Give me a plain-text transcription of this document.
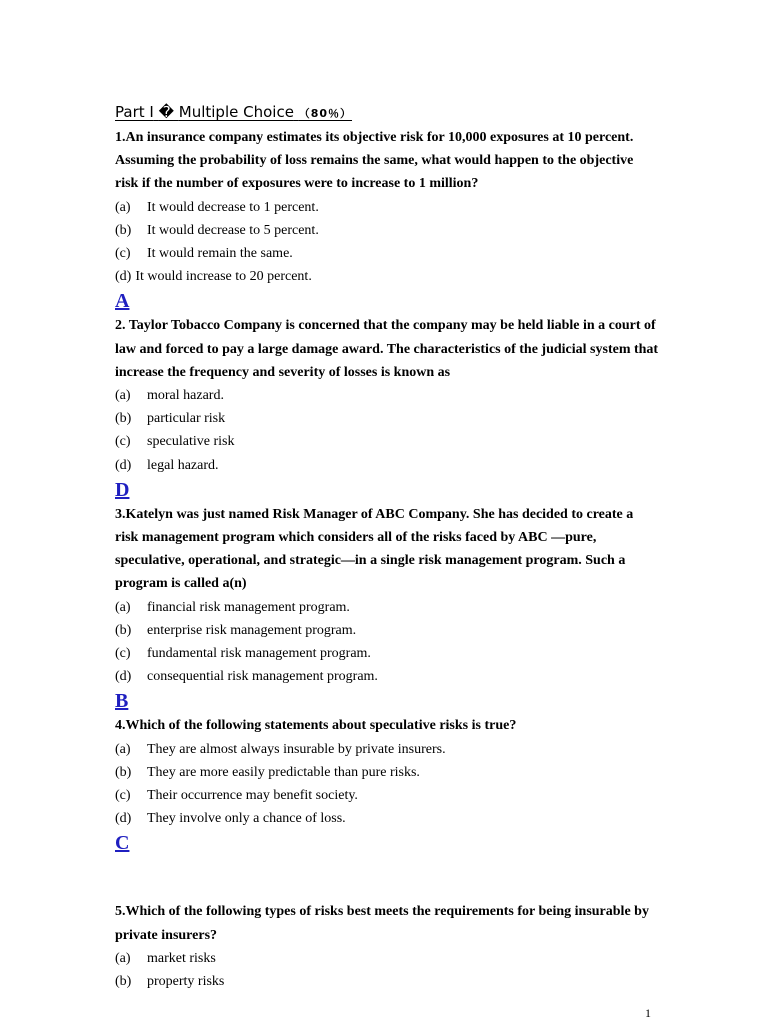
Part I � Multiple Choice （80％）

1.An insurance company estimates its objective risk for 10,000 exposures at 10 percent. Assuming the probability of loss remains the same, what would happen to the objective risk if the number of exposures were to increase to 1 million?

(a)	It would decrease to 1 percent.

(b)	It would decrease to 5 percent.

(c)	It would remain the same.

(d) It would increase to 20 percent.

A

2. Taylor Tobacco Company is concerned that the company may be held liable in a court of law and forced to pay a large damage award. The characteristics of the judicial system that increase the frequency and severity of losses is known as

(a)	moral hazard.

(b)	particular risk

(c)	speculative risk

(d)	legal hazard.

D

3.Katelyn was just named Risk Manager of ABC Company. She has decided to create a risk management program which considers all of the risks faced by ABC —pure, speculative, operational, and strategic—in a single risk management program. Such a program is called a(n)

(a)	financial risk management program.

(b)	enterprise risk management program.

(c)	fundamental risk management program.

(d)	consequential risk management program.

B

4.Which of the following statements about speculative risks is true?

(a)	They are almost always insurable by private insurers.

(b)	They are more easily predictable than pure risks.

(c)	Their occurrence may benefit society.

(d)	They involve only a chance of loss.

C

5.Which of the following types of risks best meets the requirements for being insurable by private insurers?

(a)	market risks

(b)	property risks

1
